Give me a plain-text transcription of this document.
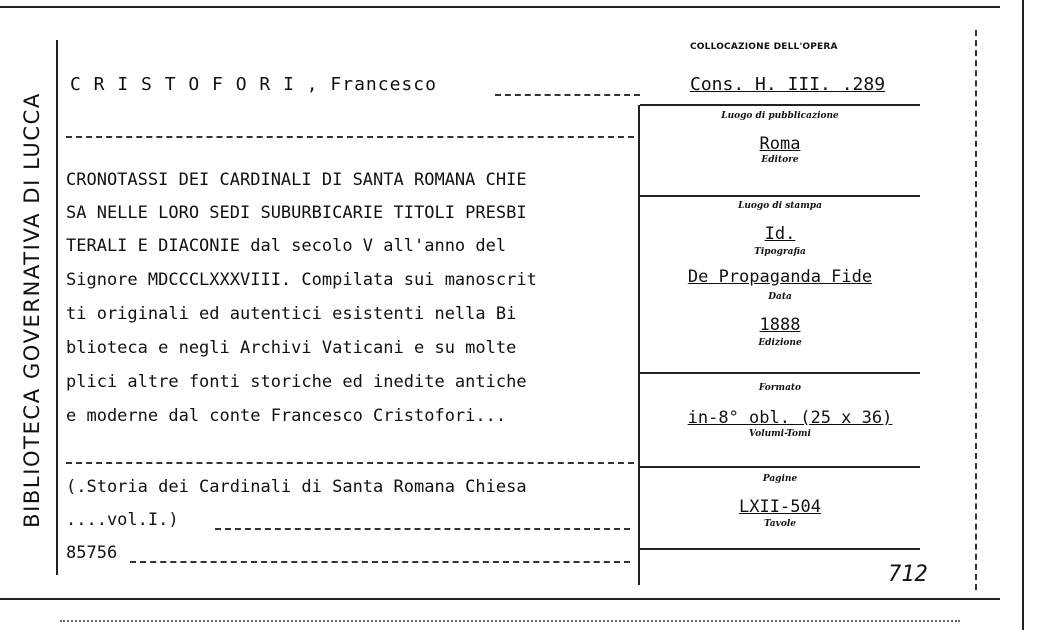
BIBLIOTECA GOVERNATIVA DI LUCCA
COLLOCAZIONE DELL'OPERA
C R I S T O F O R I , Francesco	Cons. H. III. .289
CRONOTASSI DEI CARDINALI DI SANTA ROMANA CHIE
SA NELLE LORO SEDI SUBURBICARIE TITOLI PRESBI
TERALI E DIACONIE dal secolo V all'anno del
Signore MDCCCLXXXVIII. Compilata sui manoscrit
ti originali ed autentici esistenti nella Bi
blioteca e negli Archivi Vaticani e su molte
plici altre fonti storiche ed inedite antiche
e moderne dal conte Francesco Cristofori...
(.Storia dei Cardinali di Santa Romana Chiesa
....vol.I.)
85756
Luogo di pubblicazione
Roma
Editore
Luogo di stampa
Id.
Tipografia
De Propaganda Fide
Data
1888
Edizione
Formato
in-8° obl. (25 x 36)
Volumi-Tomi
Pagine
LXII-504
Tavole
712
